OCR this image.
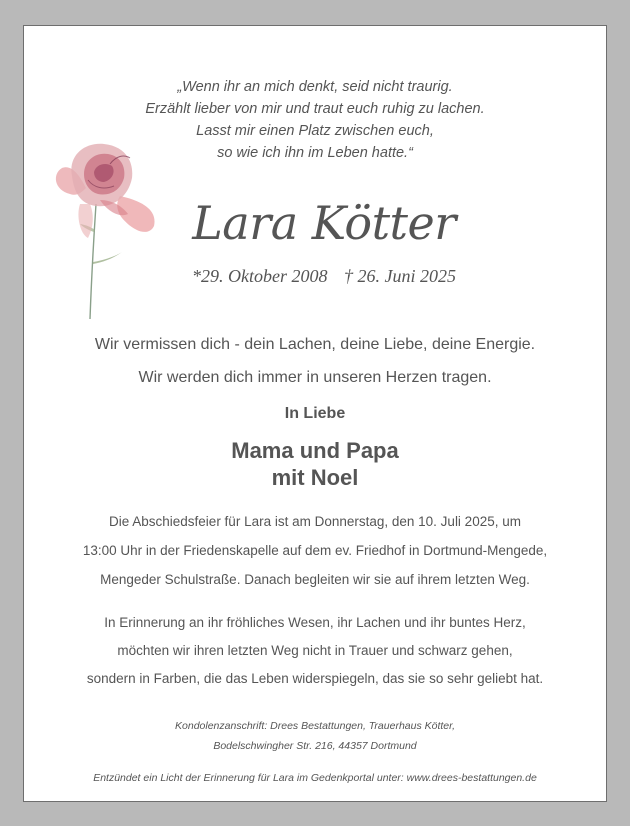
„Wenn ihr an mich denkt, seid nicht traurig.
Erzählt lieber von mir und traut euch ruhig zu lachen.
Lasst mir einen Platz zwischen euch,
so wie ich ihn im Leben hatte.“
Lara Kötter
*29. Oktober 2008 † 26. Juni 2025
Wir vermissen dich - dein Lachen, deine Liebe, deine Energie.
Wir werden dich immer in unseren Herzen tragen.
In Liebe
Mama und Papa
mit Noel
Die Abschiedsfeier für Lara ist am Donnerstag, den 10. Juli 2025, um
13:00 Uhr in der Friedenskapelle auf dem ev. Friedhof in Dortmund-Mengede,
Mengeder Schulstraße. Danach begleiten wir sie auf ihrem letzten Weg.
In Erinnerung an ihr fröhliches Wesen, ihr Lachen und ihr buntes Herz,
möchten wir ihren letzten Weg nicht in Trauer und schwarz gehen,
sondern in Farben, die das Leben widerspiegeln, das sie so sehr geliebt hat.
Kondolenzanschrift: Drees Bestattungen, Trauerhaus Kötter,
Bodelschwingher Str. 216, 44357 Dortmund
Entzündet ein Licht der Erinnerung für Lara im Gedenkportal unter: www.drees-bestattungen.de
